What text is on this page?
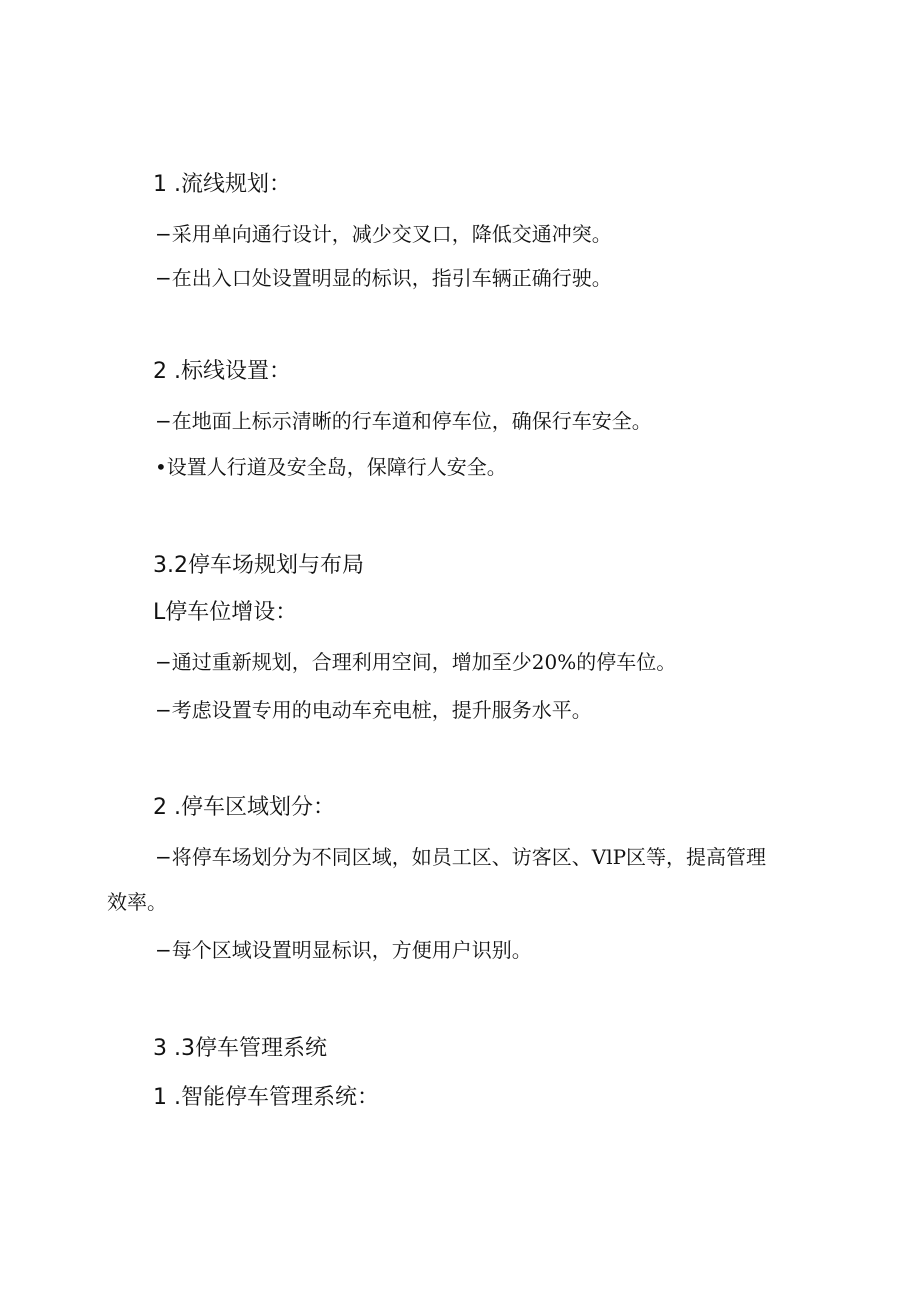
1 .流线规划：
−采用单向通行设计，减少交叉口，降低交通冲突。
−在出入口处设置明显的标识，指引车辆正确行驶。
2 .标线设置：
−在地面上标示清晰的行车道和停车位，确保行车安全。
•设置人行道及安全岛，保障行人安全。
3.2停车场规划与布局
L停车位增设：
−通过重新规划，合理利用空间，增加至少20%的停车位。
−考虑设置专用的电动车充电桩，提升服务水平。
2 .停车区域划分：
−将停车场划分为不同区域，如员工区、访客区、VlP区等，提高管理
效率。
−每个区域设置明显标识，方便用户识别。
3 .3停车管理系统
1 .智能停车管理系统：
